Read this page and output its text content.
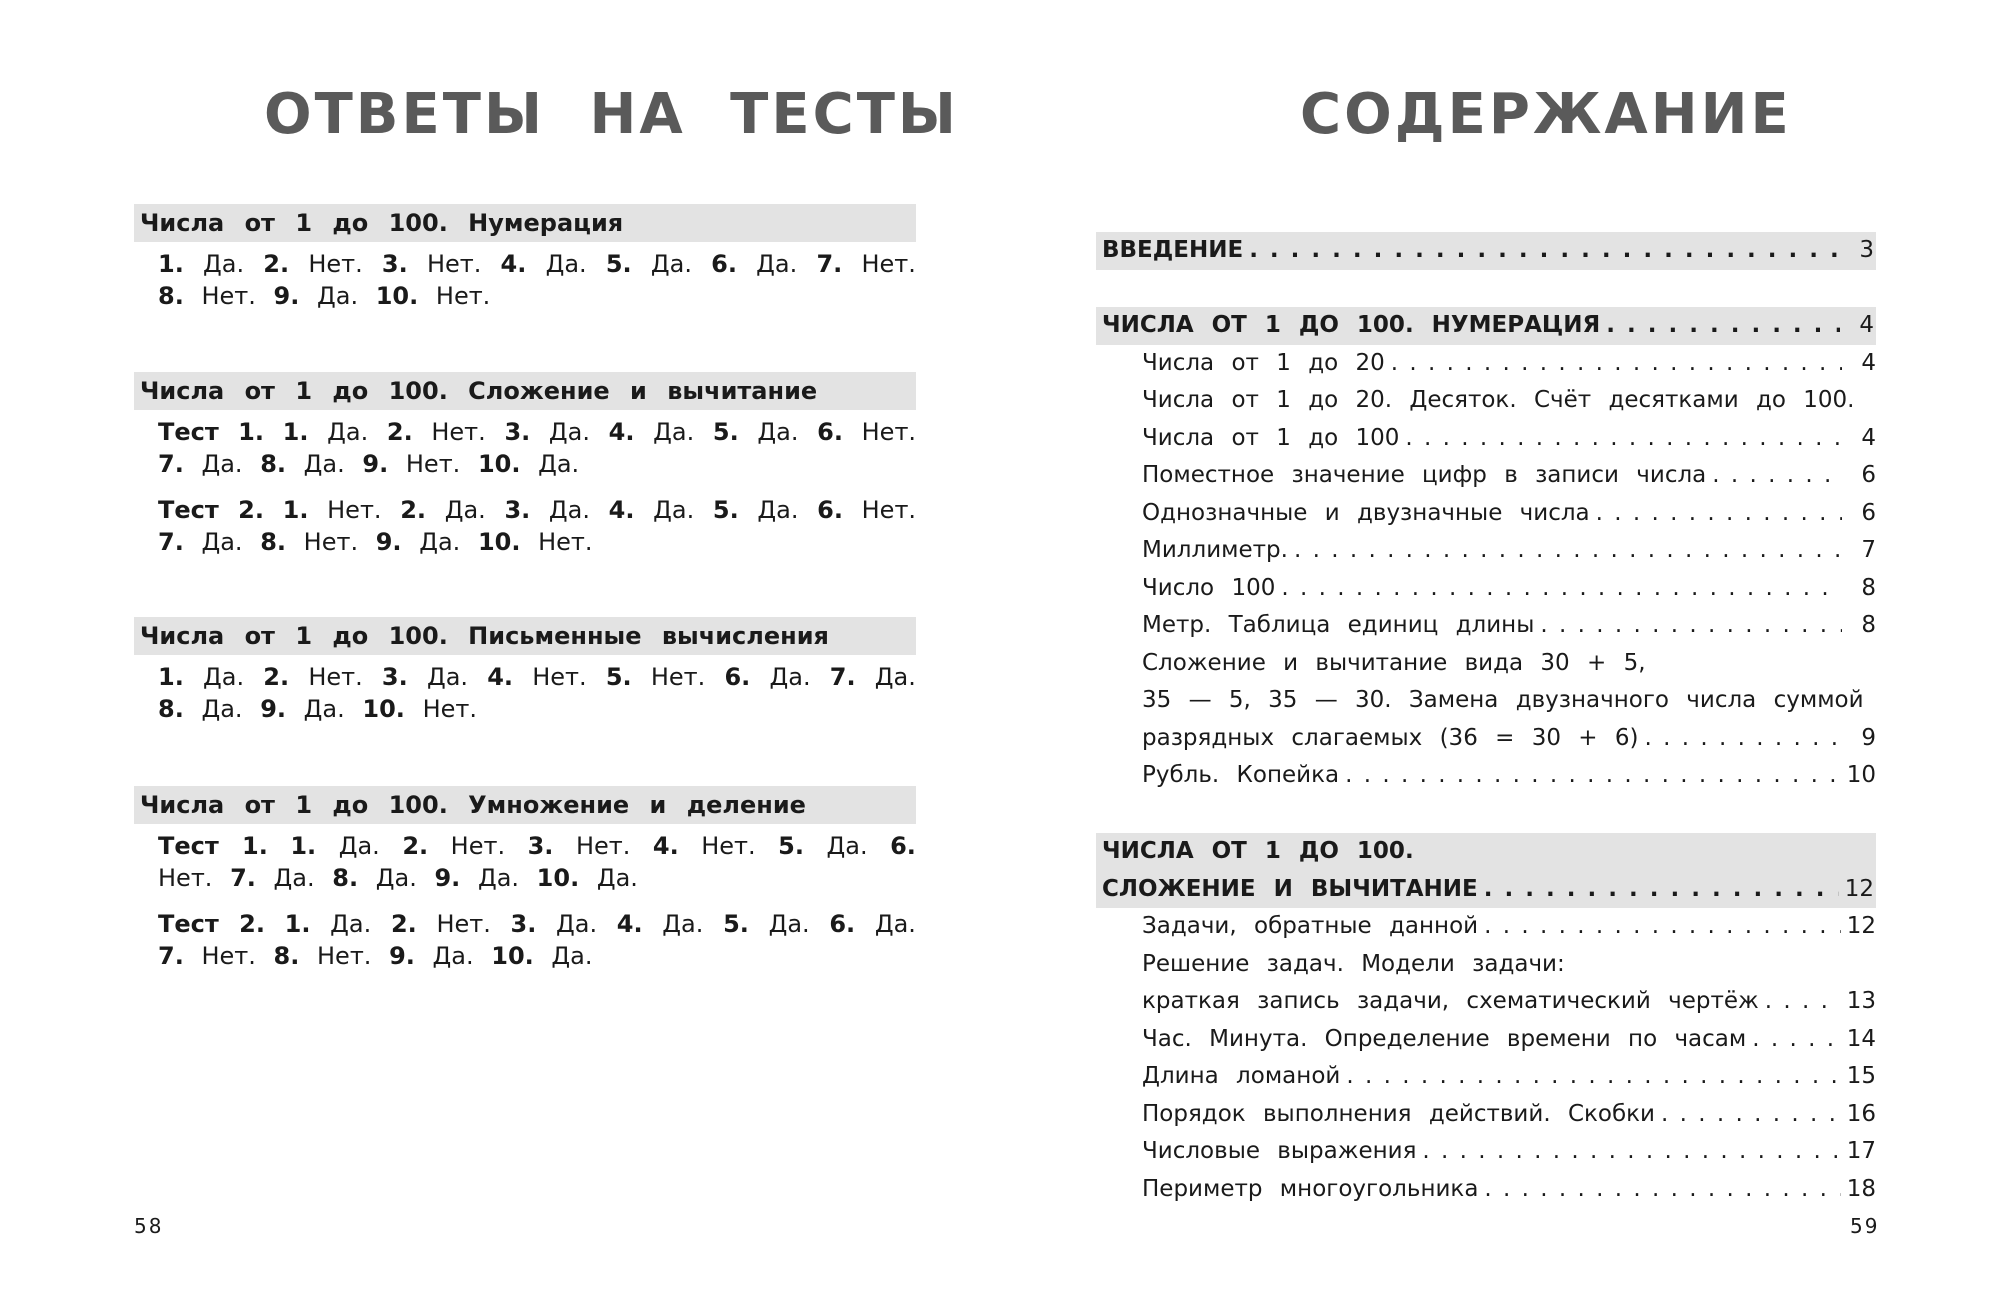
ОТВЕТЫ НА ТЕСТЫ
Числа от 1 до 100. Нумерация
1. Да. 2. Нет. 3. Нет. 4. Да. 5. Да. 6. Да. 7. Нет. 8. Нет. 9. Да. 10. Нет.
Числа от 1 до 100. Сложение и вычитание
Тест 1. 1. Да. 2. Нет. 3. Да. 4. Да. 5. Да. 6. Нет. 7. Да. 8. Да. 9. Нет. 10. Да.
Тест 2. 1. Нет. 2. Да. 3. Да. 4. Да. 5. Да. 6. Нет. 7. Да. 8. Нет. 9. Да. 10. Нет.
Числа от 1 до 100. Письменные вычисления
1. Да. 2. Нет. 3. Да. 4. Нет. 5. Нет. 6. Да. 7. Да. 8. Да. 9. Да. 10. Нет.
Числа от 1 до 100. Умножение и деление
Тест 1. 1. Да. 2. Нет. 3. Нет. 4. Нет. 5. Да. 6. Нет. 7. Да. 8. Да. 9. Да. 10. Да.
Тест 2. 1. Да. 2. Нет. 3. Да. 4. Да. 5. Да. 6. Да. 7. Нет. 8. Нет. 9. Да. 10. Да.
58
СОДЕРЖАНИЕ
ВВЕДЕНИЕ . . .	3
ЧИСЛА ОТ 1 ДО 100. НУМЕРАЦИЯ . . .	4
Числа от 1 до 20 . . .	4
Числа от 1 до 20. Десяток. Счёт десятками до 100.
Числа от 1 до 100 . . .	4
Поместное значение цифр в записи числа . . .	6
Однозначные и двузначные числа . . .	6
Миллиметр. . . .	7
Число 100 . . .	8
Метр. Таблица единиц длины . . .	8
Сложение и вычитание вида 30 + 5,
35 — 5, 35 — 30. Замена двузначного числа суммой
разрядных слагаемых (36 = 30 + 6) . . .	9
Рубль. Копейка . . .	10
ЧИСЛА ОТ 1 ДО 100.
СЛОЖЕНИЕ И ВЫЧИТАНИЕ . . .	12
Задачи, обратные данной . . .	12
Решение задач. Модели задачи:
краткая запись задачи, схематический чертёж . . .	13
Час. Минута. Определение времени по часам . . .	14
Длина ломаной . . .	15
Порядок выполнения действий. Скобки . . .	16
Числовые выражения . . .	17
Периметр многоугольника . . .	18
59
